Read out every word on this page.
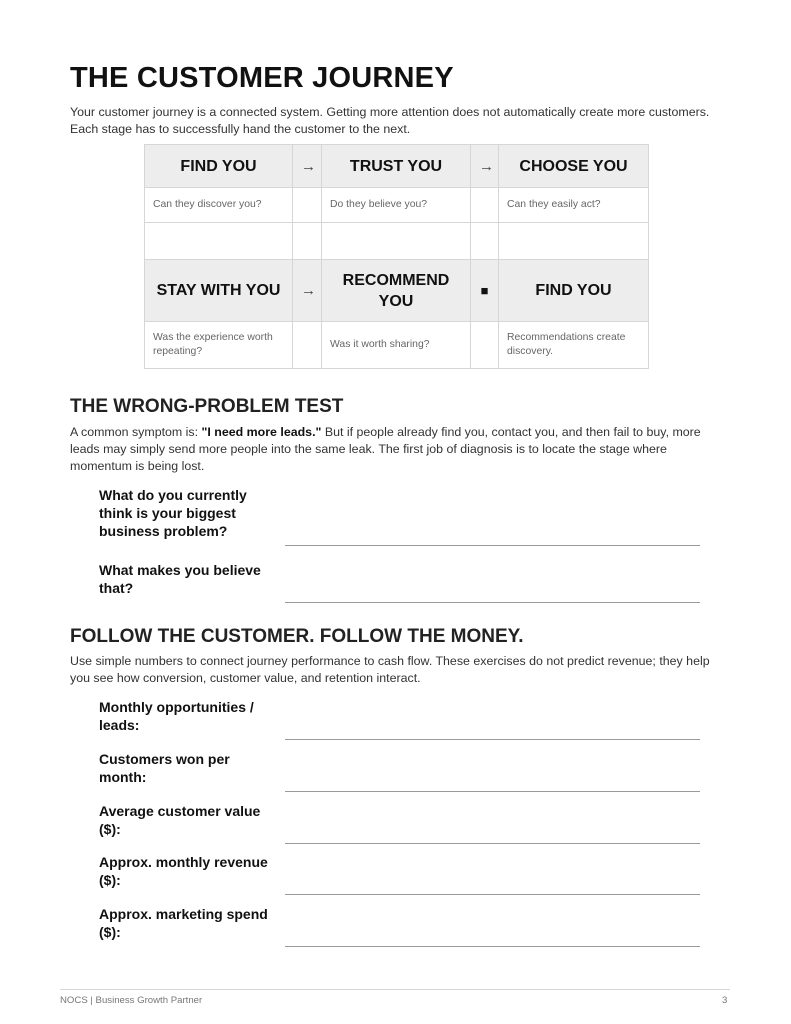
THE CUSTOMER JOURNEY

Your customer journey is a connected system. Getting more attention does not automatically create more customers. Each stage has to successfully hand the customer to the next.

FIND YOU	→	TRUST YOU	→	CHOOSE YOU
Can they discover you?		Do they believe you?		Can they easily act?

STAY WITH YOU	→	RECOMMEND YOU	■	FIND YOU
Was the experience worth repeating?		Was it worth sharing?		Recommendations create discovery.
THE WRONG-PROBLEM TEST

A common symptom is: "I need more leads." But if people already find you, contact you, and then fail to buy, more leads may simply send more people into the same leak. The first job of diagnosis is to locate the stage where momentum is being lost.

What do you currently think is your biggest business problem?
What makes you believe that?
FOLLOW THE CUSTOMER. FOLLOW THE MONEY.

Use simple numbers to connect journey performance to cash flow. These exercises do not predict revenue; they help you see how conversion, customer value, and retention interact.

Monthly opportunities / leads:
Customers won per month:
Average customer value ($):
Approx. monthly revenue ($):
Approx. marketing spend ($):
NOCS | Business Growth Partner	3
